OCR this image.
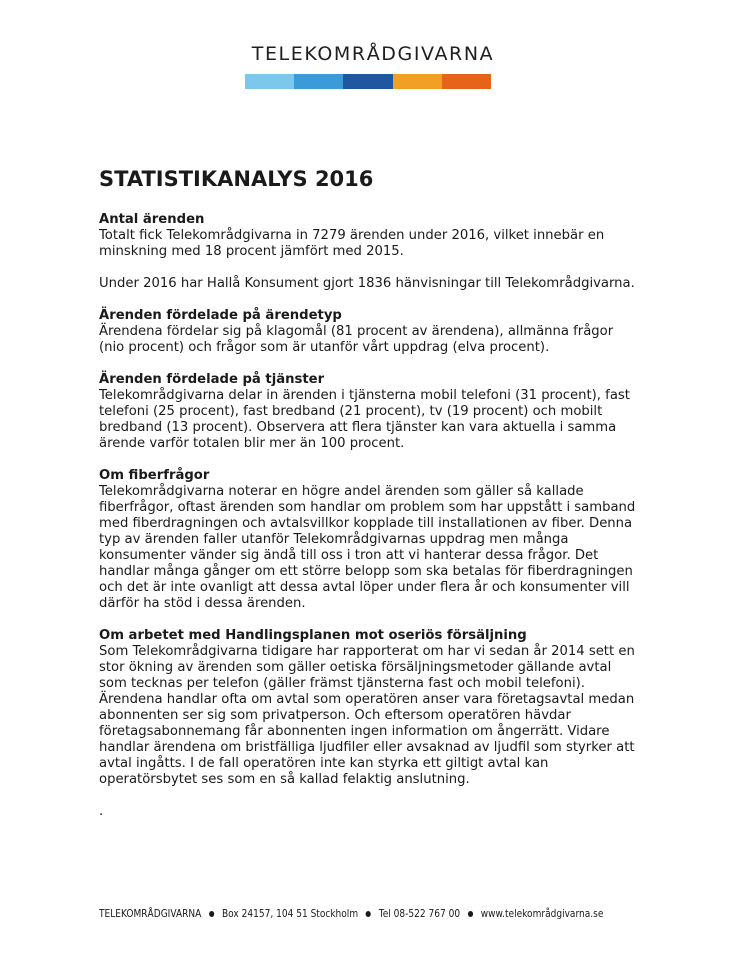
TELEKOMRÅDGIVARNA
STATISTIKANALYS 2016
Antal ärenden

Totalt fick Telekområdgivarna in 7279 ärenden under 2016, vilket innebär en minskning med 18 procent jämfört med 2015.

Under 2016 har Hallå Konsument gjort 1836 hänvisningar till Telekområdgivarna.

Ärenden fördelade på ärendetyp

Ärendena fördelar sig på klagomål (81 procent av ärendena), allmänna frågor (nio procent) och frågor som är utanför vårt uppdrag (elva procent).

Ärenden fördelade på tjänster

Telekområdgivarna delar in ärenden i tjänsterna mobil telefoni (31 procent), fast telefoni (25 procent), fast bredband (21 procent), tv (19 procent) och mobilt bredband (13 procent). Observera att flera tjänster kan vara aktuella i samma ärende varför totalen blir mer än 100 procent.

Om fiberfrågor

Telekområdgivarna noterar en högre andel ärenden som gäller så kallade fiberfrågor, oftast ärenden som handlar om problem som har uppstått i samband med fiberdragningen och avtalsvillkor kopplade till installationen av fiber. Denna typ av ärenden faller utanför Telekområdgivarnas uppdrag men många konsumenter vänder sig ändå till oss i tron att vi hanterar dessa frågor. Det handlar många gånger om ett större belopp som ska betalas för fiberdragningen och det är inte ovanligt att dessa avtal löper under flera år och konsumenter vill därför ha stöd i dessa ärenden.

Om arbetet med Handlingsplanen mot oseriös försäljning

Som Telekområdgivarna tidigare har rapporterat om har vi sedan år 2014 sett en stor ökning av ärenden som gäller oetiska försäljningsmetoder gällande avtal som tecknas per telefon (gäller främst tjänsterna fast och mobil telefoni). Ärendena handlar ofta om avtal som operatören anser vara företagsavtal medan abonnenten ser sig som privatperson. Och eftersom operatören hävdar företagsabonnemang får abonnenten ingen information om ångerrätt. Vidare handlar ärendena om bristfälliga ljudfiler eller avsaknad av ljudfil som styrker att avtal ingåtts. I de fall operatören inte kan styrka ett giltigt avtal kan operatörsbytet ses som en så kallad felaktig anslutning.

.
TELEKOMRÅDGIVARNA Box 24157, 104 51 Stockholm Tel 08-522 767 00 www.telekområdgivarna.se
